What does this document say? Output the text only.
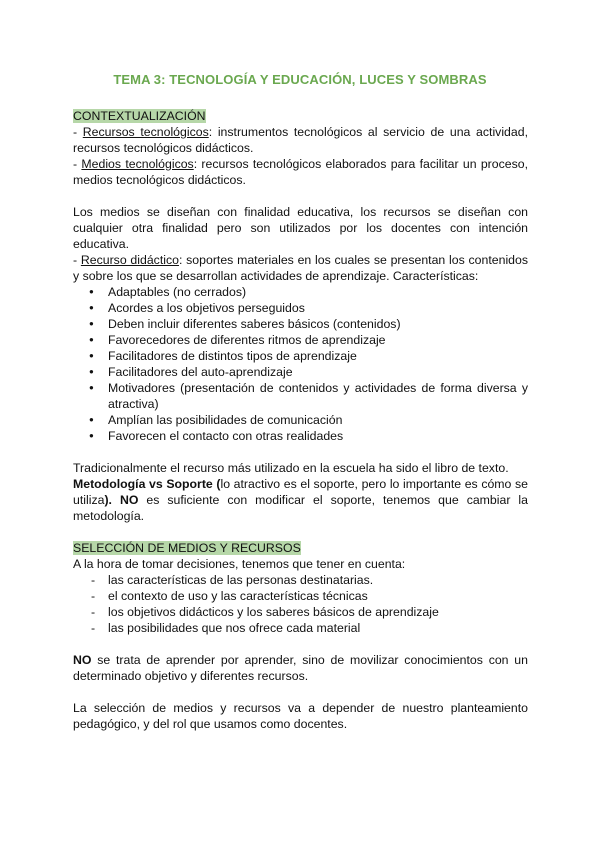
TEMA 3: TECNOLOGÍA Y EDUCACIÓN, LUCES Y SOMBRAS
CONTEXTUALIZACIÓN
- Recursos tecnológicos: instrumentos tecnológicos al servicio de una actividad, recursos tecnológicos didácticos.
- Medios tecnológicos: recursos tecnológicos elaborados para facilitar un proceso, medios tecnológicos didácticos.
Los medios se diseñan con finalidad educativa, los recursos se diseñan con cualquier otra finalidad pero son utilizados por los docentes con intención educativa.
- Recurso didáctico: soportes materiales en los cuales se presentan los contenidos y sobre los que se desarrollan actividades de aprendizaje. Características:
● Adaptables (no cerrados)
● Acordes a los objetivos perseguidos
● Deben incluir diferentes saberes básicos (contenidos)
● Favorecedores de diferentes ritmos de aprendizaje
● Facilitadores de distintos tipos de aprendizaje
● Facilitadores del auto-aprendizaje
● Motivadores (presentación de contenidos y actividades de forma diversa y atractiva)
● Amplían las posibilidades de comunicación
● Favorecen el contacto con otras realidades
Tradicionalmente el recurso más utilizado en la escuela ha sido el libro de texto.
Metodología vs Soporte (lo atractivo es el soporte, pero lo importante es cómo se utiliza). NO es suficiente con modificar el soporte, tenemos que cambiar la metodología.
SELECCIÓN DE MEDIOS Y RECURSOS
A la hora de tomar decisiones, tenemos que tener en cuenta:
- las características de las personas destinatarias.
- el contexto de uso y las características técnicas
- los objetivos didácticos y los saberes básicos de aprendizaje
- las posibilidades que nos ofrece cada material
NO se trata de aprender por aprender, sino de movilizar conocimientos con un determinado objetivo y diferentes recursos.
La selección de medios y recursos va a depender de nuestro planteamiento pedagógico, y del rol que usamos como docentes.
